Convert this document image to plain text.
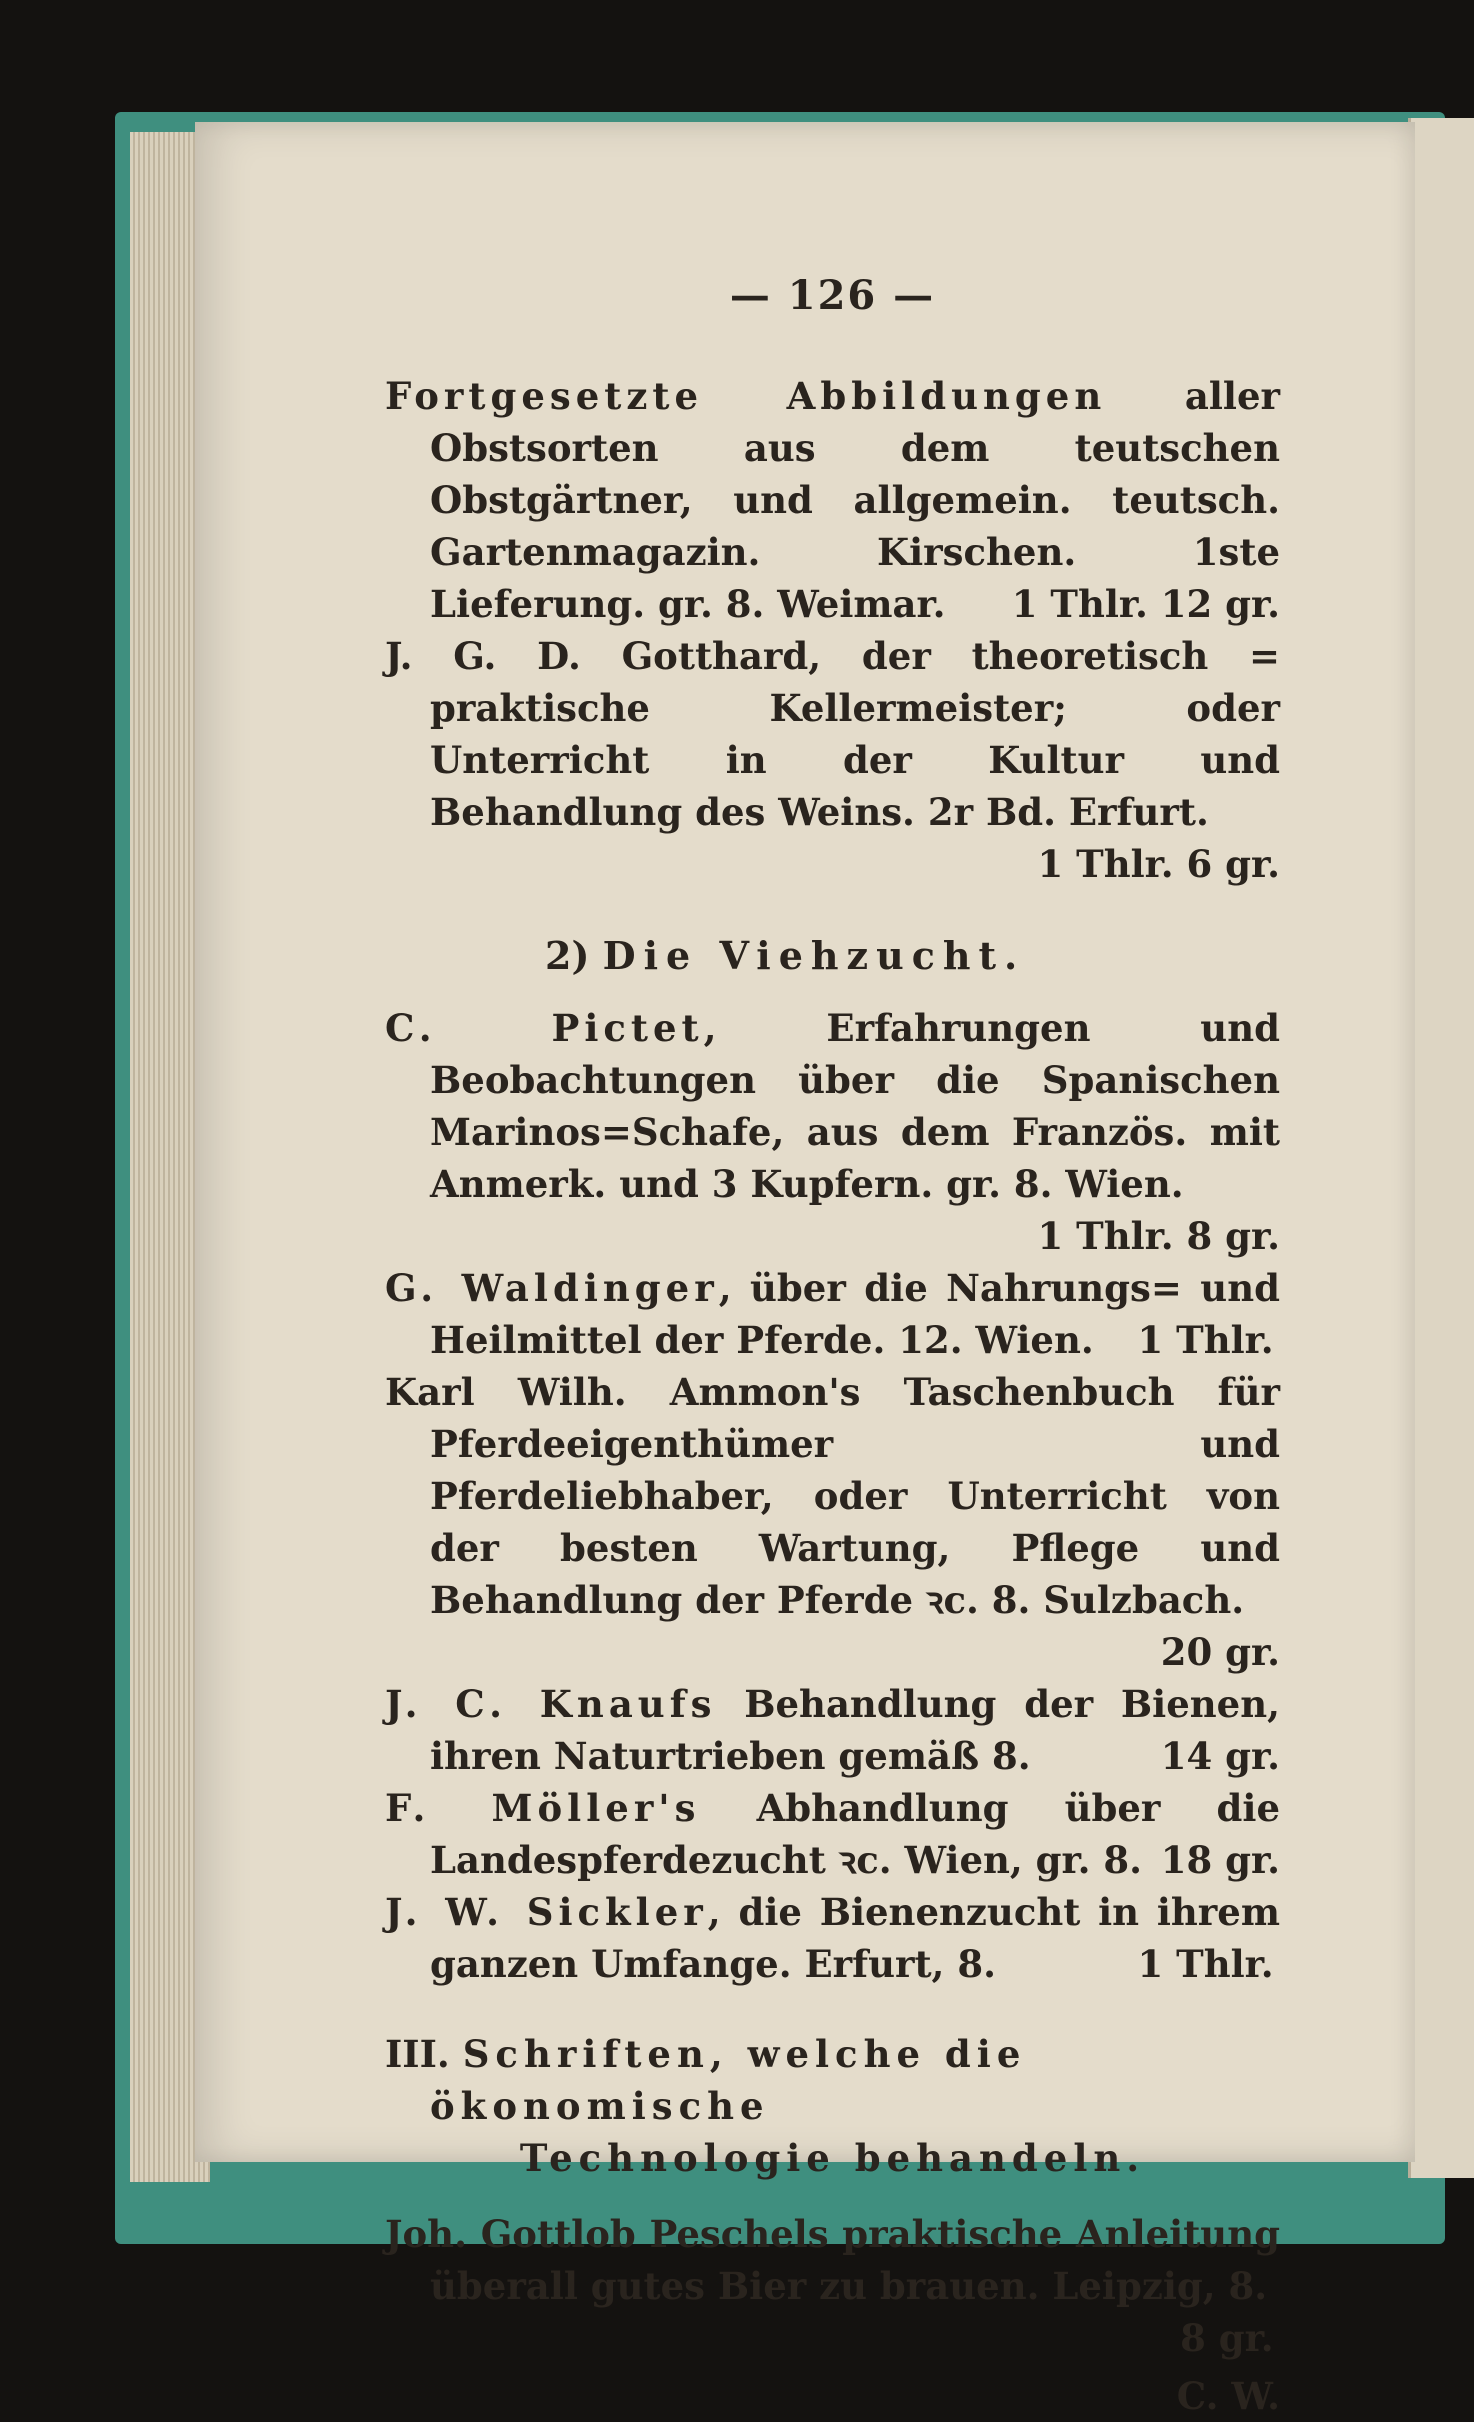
— 126 —
Fortgesetzte Abbildungen aller Obstsorten aus dem teutschen Obstgärtner, und allgemein. teutsch. Gartenmagazin. Kirschen. 1ste Lieferung. gr. 8. Weimar. 1 Thlr. 12 gr.
J. G. D. Gotthard, der theoretisch = praktische Kellermeister; oder Unterricht in der Kultur und Behandlung des Weins. 2r Bd. Erfurt.
1 Thlr. 6 gr.
2) Die Viehzucht.
C. Pictet, Erfahrungen und Beobachtungen über die Spanischen Marinos=Schafe, aus dem Französ. mit Anmerk. und 3 Kupfern. gr. 8. Wien.
1 Thlr. 8 gr.
G. Waldinger, über die Nahrungs= und Heilmittel der Pferde. 12. Wien. 1 Thlr.
Karl Wilh. Ammon's Taschenbuch für Pferdeeigenthümer und Pferdeliebhaber, oder Unterricht von der besten Wartung, Pflege und Behandlung der Pferde ꝛc. 8. Sulzbach.
20 gr.
J. C. Knaufs Behandlung der Bienen, ihren Naturtrieben gemäß 8.	14 gr.
F. Möller's Abhandlung über die Landespferdezucht ꝛc. Wien, gr. 8. 18 gr.
J. W. Sickler, die Bienenzucht in ihrem ganzen Umfange. Erfurt, 8.	1 Thlr.
III. Schriften, welche die ökonomische
Technologie behandeln.
Joh. Gottlob Peschels praktische Anleitung überall gutes Bier zu brauen. Leipzig, 8.
8 gr.
C. W.
